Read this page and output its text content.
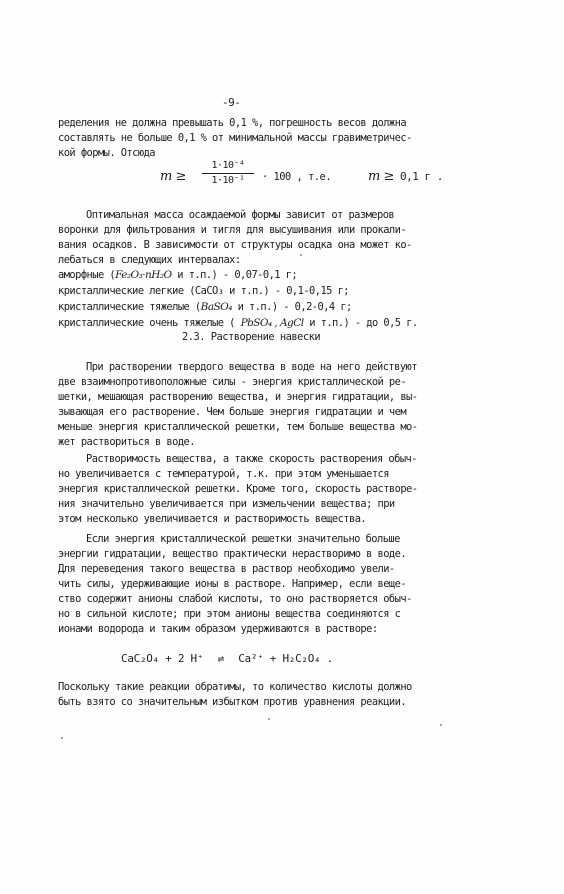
-9-
ределения не должна превышать 0,1 %, погрешность весов должна
составлять не больше 0,1 % от минимальной массы гравиметричес-
кой формы. Отсюда
m ≥
1·10⁻⁴
1·10⁻¹	· 100 , т.е.	m ≥ 0,1 г .
Оптимальная масса осаждаемой формы зависит от размеров
воронки для фильтрования и тигля для высушивания или прокали-
вания осадков. В зависимости от структуры осадка она может ко-
лебаться в следующих интервалах:
аморфные (Fe₂O₃·nH₂O и т.п.) - 0,07-0,1 г;
кристаллические легкие (CaCO₃ и т.п.) - 0,1-0,15 г;
кристаллические тяжелые (BaSO₄ и т.п.) - 0,2-0,4 г;
кристаллические очень тяжелые ( PbSO₄ , AgCl и т.п.) - до 0,5 г.
2.3. Растворение навески
При растворении твердого вещества в воде на него действуют
две взаимнопротивоположные силы - энергия кристаллической ре-
шетки, мешающая растворению вещества, и энергия гидратации, вы-
зывающая его растворение. Чем больше энергия гидратации и чем
меньше энергия кристаллической решетки, тем больше вещества мо-
жет раствориться в воде.
Растворимость вещества, а также скорость растворения обыч-
но увеличивается с температурой, т.к. при этом уменьшается
энергия кристаллической решетки. Кроме того, скорость растворе-
ния значительно увеличивается при измельчении вещества; при
этом несколько увеличивается и растворимость вещества.
Если энергия кристаллической решетки значительно больше
энергии гидратации, вещество практически нерастворимо в воде.
Для переведения такого вещества в раствор необходимо увели-
чить силы, удерживающие ионы в растворе. Например, если веще-
ство содержит анионы слабой кислоты, то оно растворяется обыч-
но в сильной кислоте; при этом анионы вещества соединяются с
ионами водорода и таким образом удерживаются в растворе:
CaC₂O₄ + 2 H⁺ ⇌ Ca²⁺ + H₂C₂O₄ .
Поскольку такие реакции обратимы, то количество кислоты должно
быть взято со значительным избытком против уравнения реакции.
